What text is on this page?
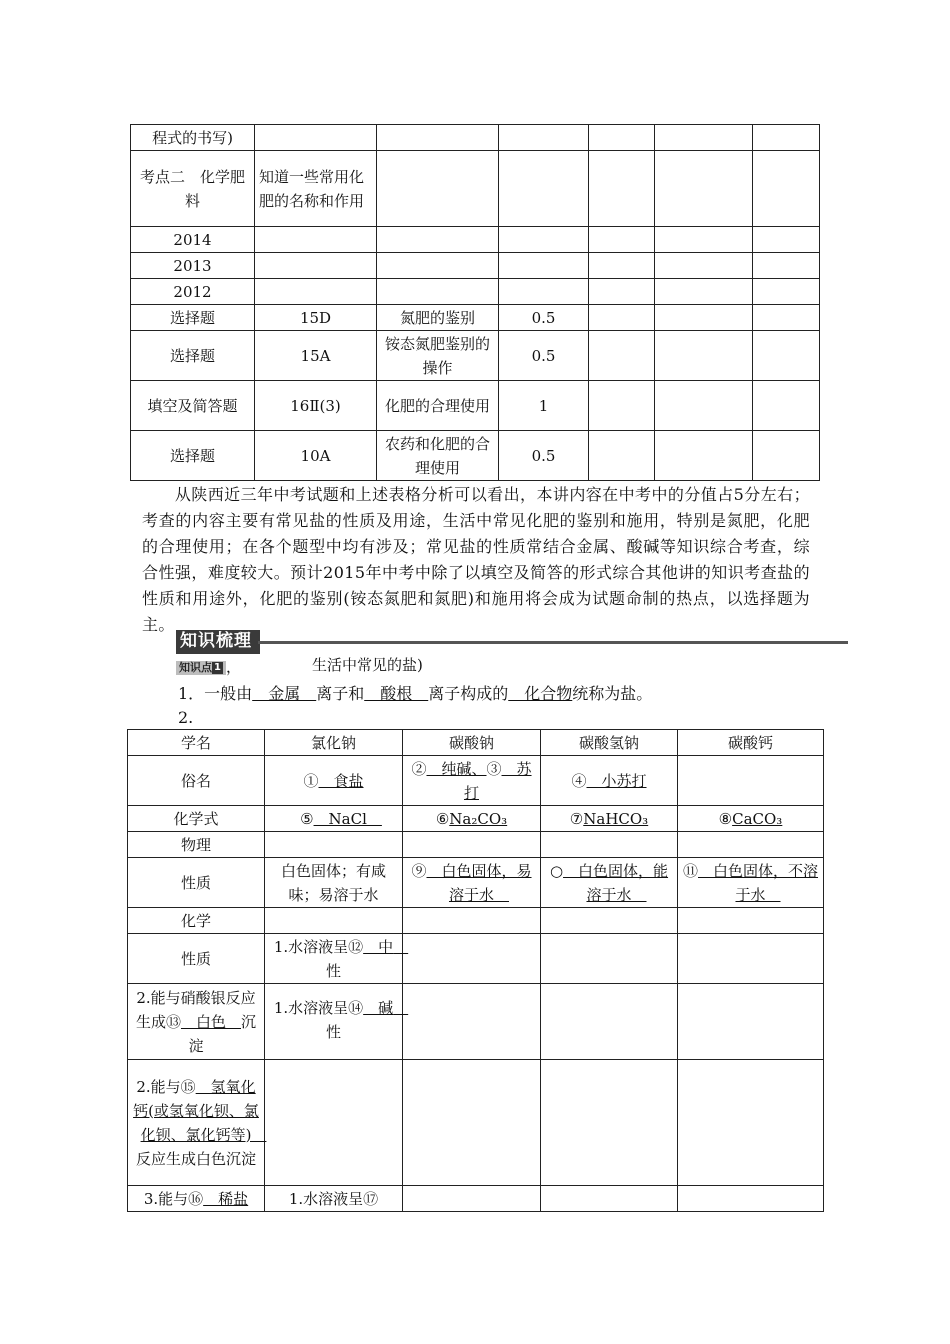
程式的书写)						
考点二　化学肥料	知道一些常用化肥的名称和作用					
2014						
2013						
2012						
选择题	15D	氮肥的鉴别	0.5			
选择题	15A	铵态氮肥鉴别的操作	0.5			
填空及简答题	16Ⅱ(3)	化肥的合理使用	1			
选择题	10A	农药和化肥的合理使用	0.5			
　　从陕西近三年中考试题和上述表格分析可以看出，本讲内容在中考中的分值占5分左右；考查的内容主要有常见盐的性质及用途，生活中常见化肥的鉴别和施用，特别是氮肥，化肥的合理使用；在各个题型中均有涉及；常见盐的性质常结合金属、酸碱等知识综合考查，综合性强，难度较大。预计2015年中考中除了以填空及简答的形式综合其他讲的知识考查盐的性质和用途外，化肥的鉴别(铵态氮肥和氮肥)和施用将会成为试题命制的热点，以选择题为主。
知识梳理
知识点 1 ，	生活中常见的盐)
1．一般由　金属　离子和　酸根　离子构成的　化合物统称为盐。
2.
学名	氯化钠	碳酸钠	碳酸氢钠	碳酸钙
俗名	①　食盐	②　纯碱、③　苏打	④　小苏打	
化学式	⑤　NaCl　	⑥Na₂CO₃	⑦NaHCO₃	⑧CaCO₃
物理				
性质	白色固体；有咸味；易溶于水	⑨　白色固体，易溶于水　	○　白色固体，能溶于水　	⑪　白色固体，不溶于水　
化学				
性质	1.水溶液呈⑫　中　性			
2.能与硝酸银反应生成⑬　白色　沉淀	1.水溶液呈⑭　碱　性			
2.能与⑮　氢氧化钙(或氢氧化钡、氯化钡、氯化钙等)　反应生成白色沉淀				
3.能与⑯　稀盐	1.水溶液呈⑰　			
